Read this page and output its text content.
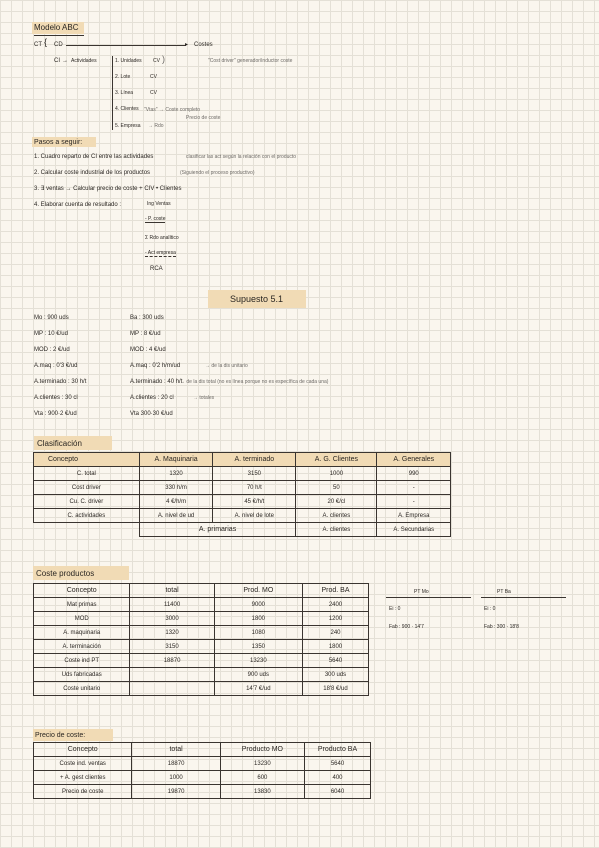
Modelo ABC
CT { CD	▸ Costes
CI → Actividades	1. Unidades
2. Lote
3. Línea
4. Clientes
5. Empresa
CV
CV
CV
)	"Cost driver" generador/inductor coste
"Vtas" → Coste completo
Precio de coste
→ Rdo
Pasos a seguir:
1. Cuadro reparto de CI entre las actividades	clasificar las act según la relación con el producto
2. Calcular coste industrial de los productos	(Siguiendo el proceso productivo)
3. ∃ ventas → Calcular precio de coste + CIV • Clientes
4. Elaborar cuenta de resultado :	Ing Ventas
- P. coste
Σ Rdo analítico
- Act empresa
RCA
Supuesto 5.1
Mo : 900 uds
MP : 10 €/ud
MOD : 2 €/ud
A.maq : 0'3 €/ud
A.terminado : 30 h/t
A.clientes : 30 cl
Vta : 900·2 €/ud
Ba : 300 uds
MP : 8 €/ud
MOD : 4 €/ud
A.maq : 0'2 h/m/ud
A.terminado : 40 h/t
A.clientes : 20 cl
Vta 300·30 €/ud
→ de la dis unitario
→ de la dis total (no es línea porque no es específica de cada una)
→ totales
Clasificación
Concepto	A. Maquinaria	A. terminado	A. G. Clientes	A. Generales
C. total	1320	3150	1000	990
Cost driver	330 h/m	70 h/t	50	-
Cu. C. driver	4 €/h/m	45 €/h/t	20 €/cl	-
C. actividades	A. nivel de ud	A. nivel de lote	A. clientes	A. Empresa
	A. primarias		A. clientes	A. Secundarias
Coste productos
Concepto	total	Prod. MO	Prod. BA
Mat primas	11400	9000	2400
MOD	3000	1800	1200
A. maquinaria	1320	1080	240
A. terminación	3150	1350	1800
Coste ind PT	18870	13230	5640
Uds fabricadas		900 uds	300 uds
Coste unitario		14'7 €/ud	18'8 €/ud
PT Mo	PT Ba
Ei : 0	Ei : 0
Fab : 900 · 14'7	Fab : 300 · 18'8
Precio de coste:
Concepto	total	Producto MO	Producto BA
Coste ind. ventas	18870	13230	5640
+ A. gest clientes	1000	600	400
Precio de coste	19870	13830	6040
